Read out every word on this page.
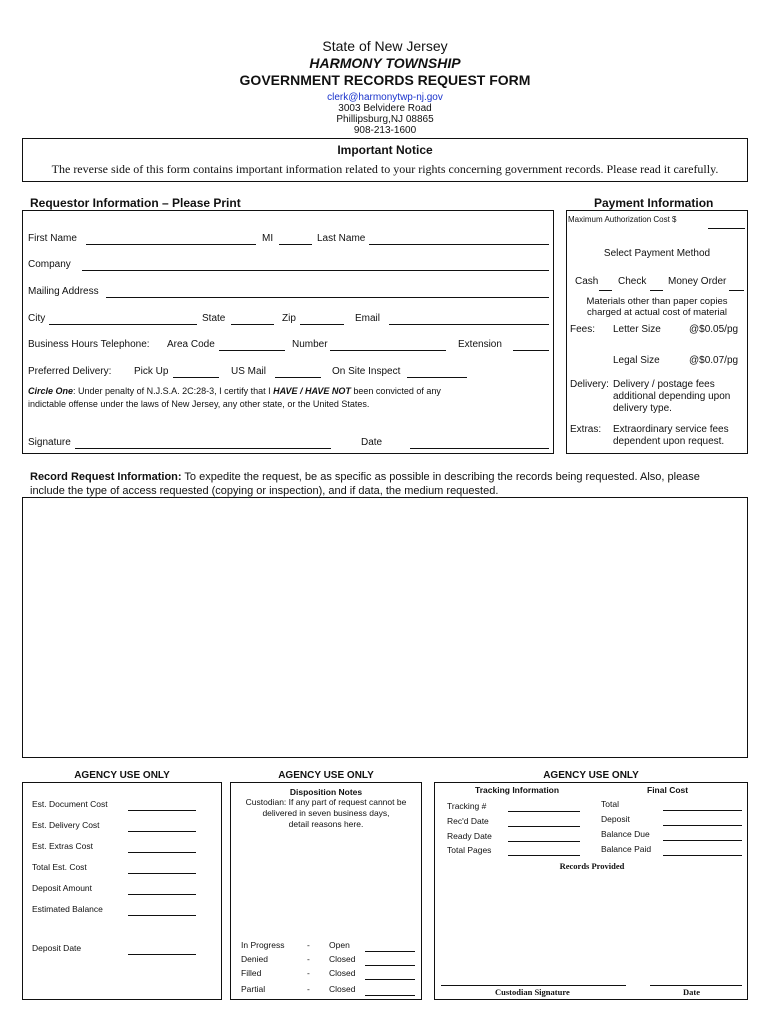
State of New Jersey
HARMONY TOWNSHIP
GOVERNMENT RECORDS REQUEST FORM
clerk@harmonytwp-nj.gov
3003 Belvidere Road
Phillipsburg,NJ 08865
908-213-1600
Important Notice
The reverse side of this form contains important information related to your rights concerning government records. Please read it carefully.
Requestor Information – Please Print	Payment Information
First Name	MI	Last Name
Company
Mailing Address
City	State	Zip	Email
Business Hours Telephone: Area Code	Number	Extension
Preferred Delivery: Pick Up	US Mail	On Site Inspect
Circle One: Under penalty of N.J.S.A. 2C:28-3, I certify that I HAVE / HAVE NOT been convicted of any
indictable offense under the laws of New Jersey, any other state, or the United States.
Signature	Date
Maximum Authorization Cost $
Select Payment Method
Cash Check Money Order
Materials other than paper copies
charged at actual cost of material
Fees: Letter Size	@$0.05/pg
Legal Size	@$0.07/pg
Delivery: Delivery / postage fees
additional depending upon
delivery type.
Extras: Extraordinary service fees
dependent upon request.
Record Request Information: To expedite the request, be as specific as possible in describing the records being requested. Also, please
include the type of access requested (copying or inspection), and if data, the medium requested.
AGENCY USE ONLY	AGENCY USE ONLY	AGENCY USE ONLY
Est. Document Cost
Est. Delivery Cost
Est. Extras Cost
Total Est. Cost
Deposit Amount
Estimated Balance
Deposit Date
Disposition Notes
Custodian: If any part of request cannot be
delivered in seven business days,
detail reasons here.
In Progress	- Open
Denied	- Closed
Filled	- Closed
Partial	- Closed
Tracking Information	Final Cost
Tracking #
Rec'd Date
Ready Date
Total Pages
Total
Deposit
Balance Due
Balance Paid
Records Provided
Custodian Signature	Date
